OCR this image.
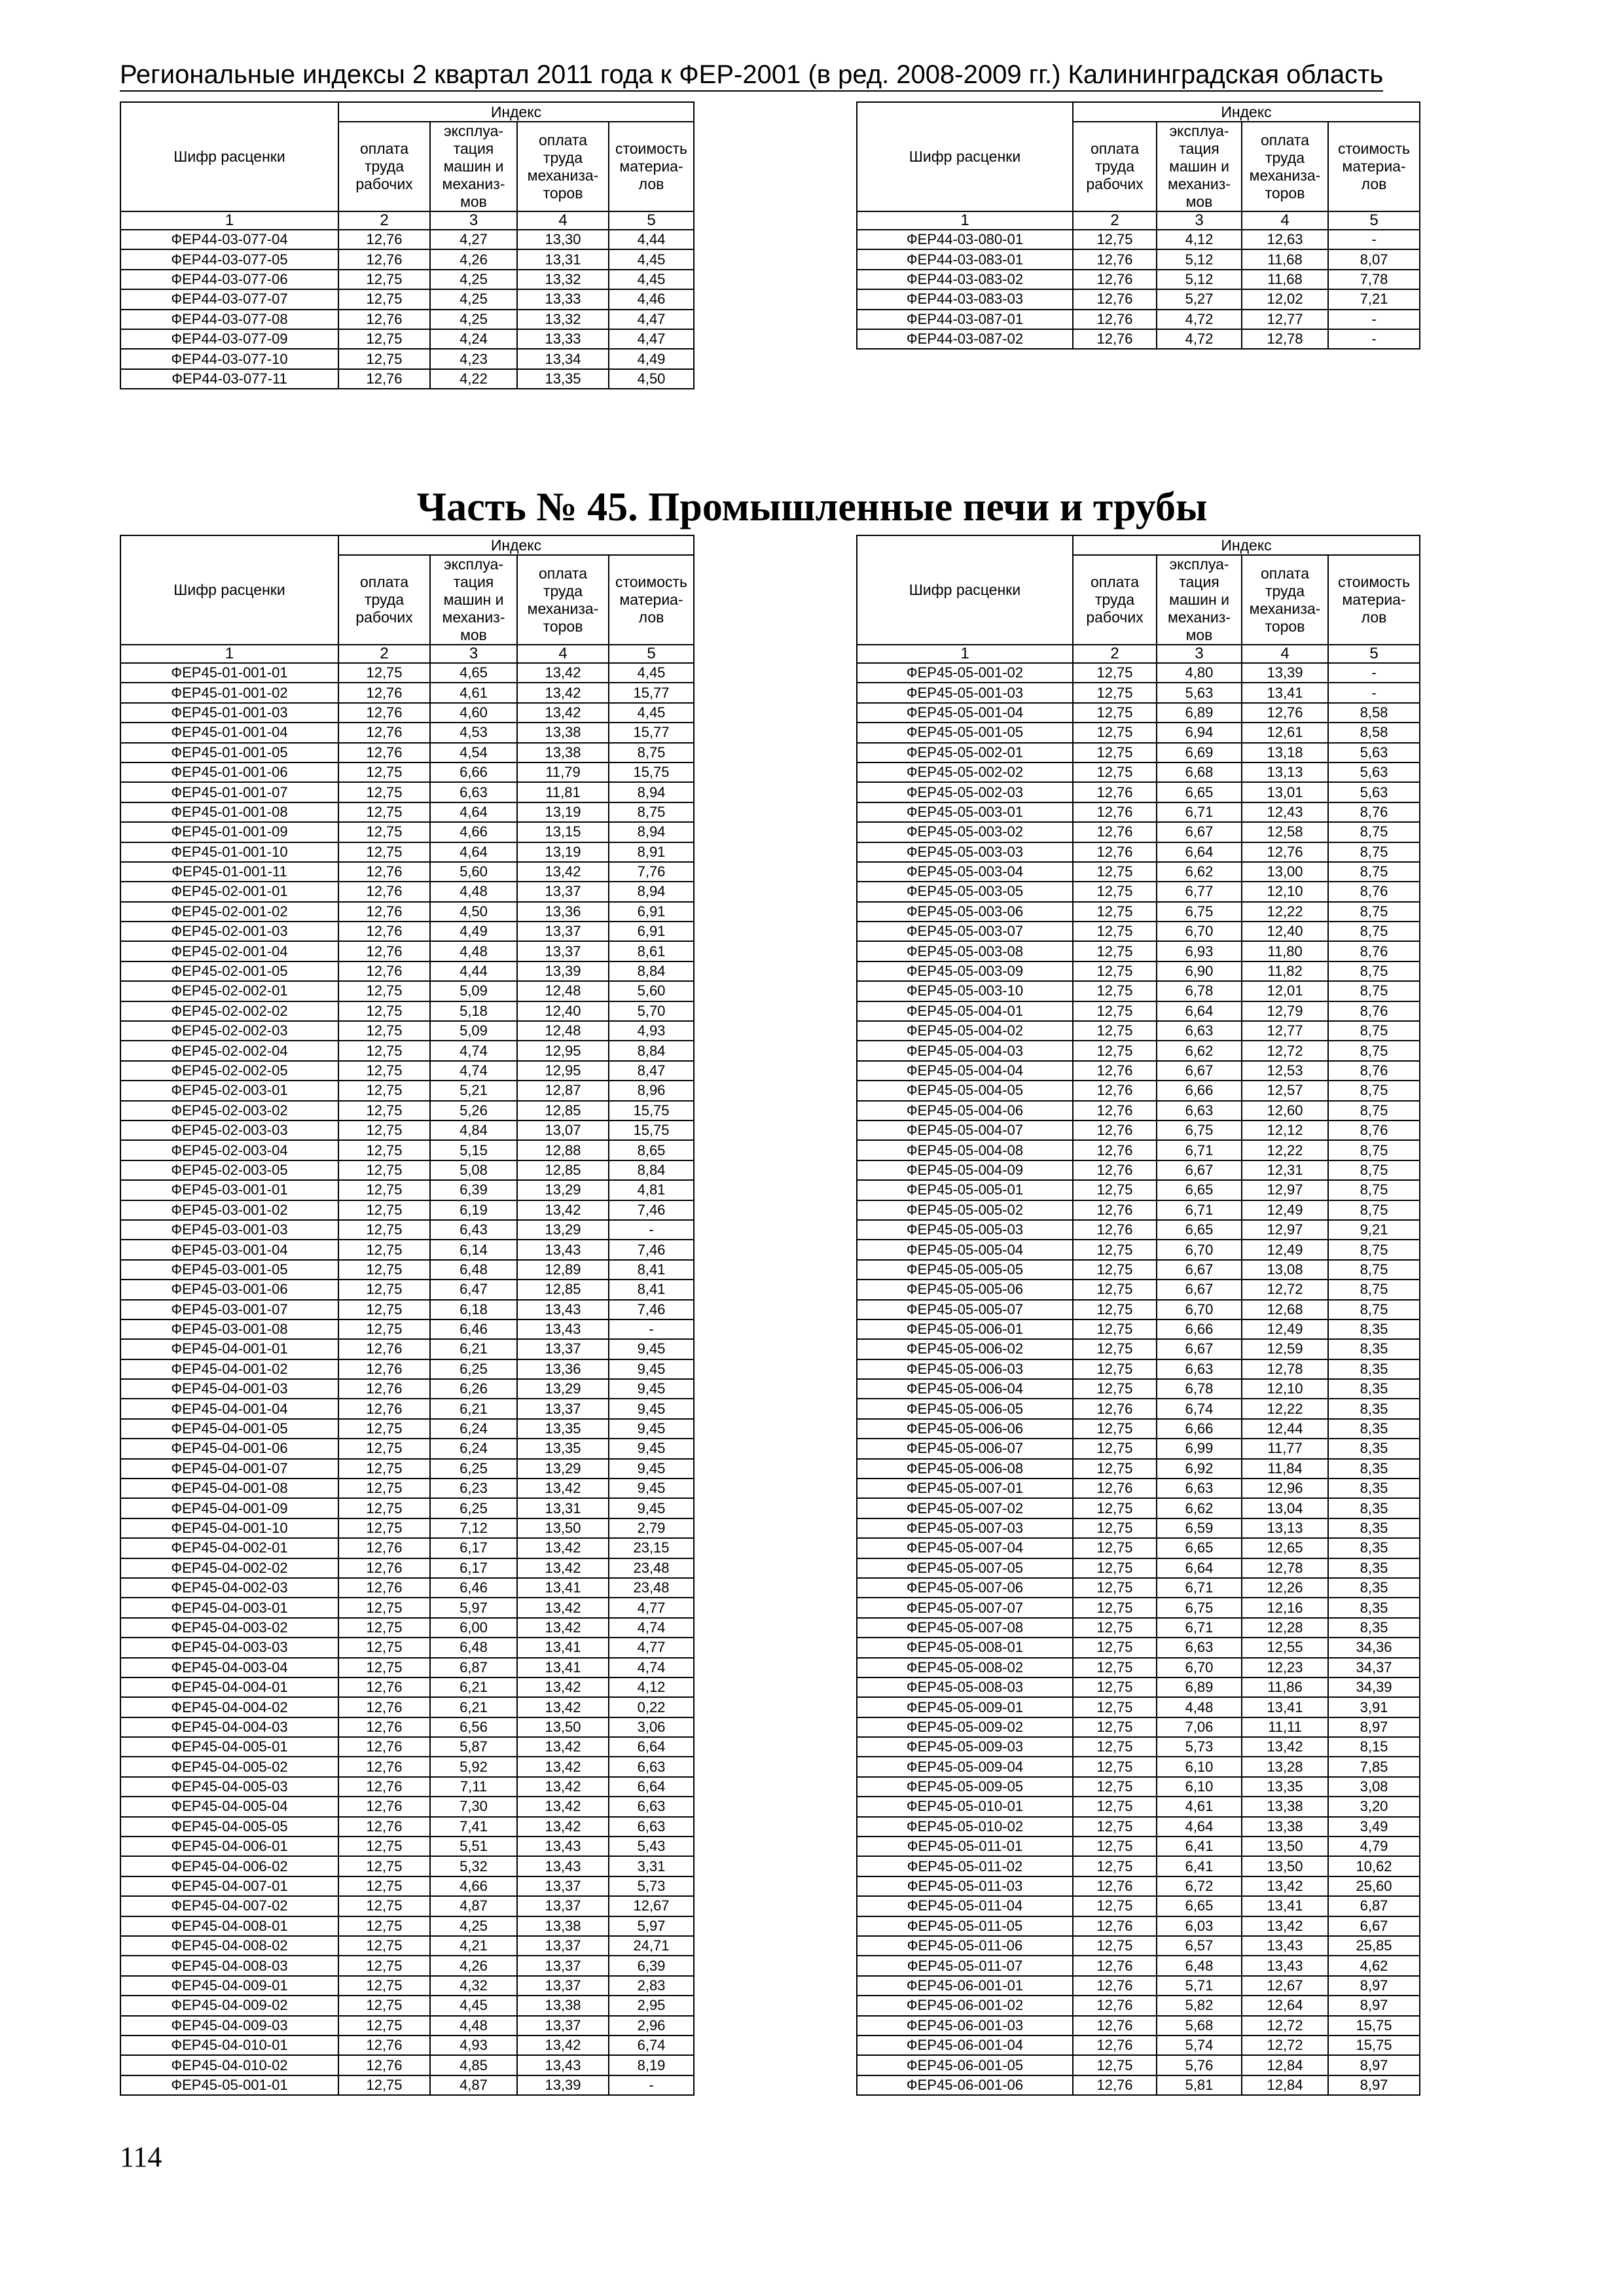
Региональные индексы 2 квартал 2011 года к ФЕР-2001 (в ред. 2008-2009 гг.) Калининградская область
Часть № 45. Промышленные печи и трубы
114
Шифр расценки	Индекс			
	оплата труда рабочих	эксплуа-тация машин и механиз-мов	оплата труда механиза-торов	стоимость материа-лов
1	2	3	4	5
ФЕР44-03-077-04	12,76	4,27	13,30	4,44
ФЕР44-03-077-05	12,76	4,26	13,31	4,45
ФЕР44-03-077-06	12,75	4,25	13,32	4,45
ФЕР44-03-077-07	12,75	4,25	13,33	4,46
ФЕР44-03-077-08	12,76	4,25	13,32	4,47
ФЕР44-03-077-09	12,75	4,24	13,33	4,47
ФЕР44-03-077-10	12,75	4,23	13,34	4,49
ФЕР44-03-077-11	12,76	4,22	13,35	4,50
Шифр расценки	Индекс			
	оплата труда рабочих	эксплуа-тация машин и механиз-мов	оплата труда механиза-торов	стоимость материа-лов
1	2	3	4	5
ФЕР44-03-080-01	12,75	4,12	12,63	-
ФЕР44-03-083-01	12,76	5,12	11,68	8,07
ФЕР44-03-083-02	12,76	5,12	11,68	7,78
ФЕР44-03-083-03	12,76	5,27	12,02	7,21
ФЕР44-03-087-01	12,76	4,72	12,77	-
ФЕР44-03-087-02	12,76	4,72	12,78	-
Шифр расценки	Индекс			
	оплата труда рабочих	эксплуа-тация машин и механиз-мов	оплата труда механиза-торов	стоимость материа-лов
1	2	3	4	5
ФЕР45-01-001-01	12,75	4,65	13,42	4,45
ФЕР45-01-001-02	12,76	4,61	13,42	15,77
ФЕР45-01-001-03	12,76	4,60	13,42	4,45
ФЕР45-01-001-04	12,76	4,53	13,38	15,77
ФЕР45-01-001-05	12,76	4,54	13,38	8,75
ФЕР45-01-001-06	12,75	6,66	11,79	15,75
ФЕР45-01-001-07	12,75	6,63	11,81	8,94
ФЕР45-01-001-08	12,75	4,64	13,19	8,75
ФЕР45-01-001-09	12,75	4,66	13,15	8,94
ФЕР45-01-001-10	12,75	4,64	13,19	8,91
ФЕР45-01-001-11	12,76	5,60	13,42	7,76
ФЕР45-02-001-01	12,76	4,48	13,37	8,94
ФЕР45-02-001-02	12,76	4,50	13,36	6,91
ФЕР45-02-001-03	12,76	4,49	13,37	6,91
ФЕР45-02-001-04	12,76	4,48	13,37	8,61
ФЕР45-02-001-05	12,76	4,44	13,39	8,84
ФЕР45-02-002-01	12,75	5,09	12,48	5,60
ФЕР45-02-002-02	12,75	5,18	12,40	5,70
ФЕР45-02-002-03	12,75	5,09	12,48	4,93
ФЕР45-02-002-04	12,75	4,74	12,95	8,84
ФЕР45-02-002-05	12,75	4,74	12,95	8,47
ФЕР45-02-003-01	12,75	5,21	12,87	8,96
ФЕР45-02-003-02	12,75	5,26	12,85	15,75
ФЕР45-02-003-03	12,75	4,84	13,07	15,75
ФЕР45-02-003-04	12,75	5,15	12,88	8,65
ФЕР45-02-003-05	12,75	5,08	12,85	8,84
ФЕР45-03-001-01	12,75	6,39	13,29	4,81
ФЕР45-03-001-02	12,75	6,19	13,42	7,46
ФЕР45-03-001-03	12,75	6,43	13,29	-
ФЕР45-03-001-04	12,75	6,14	13,43	7,46
ФЕР45-03-001-05	12,75	6,48	12,89	8,41
ФЕР45-03-001-06	12,75	6,47	12,85	8,41
ФЕР45-03-001-07	12,75	6,18	13,43	7,46
ФЕР45-03-001-08	12,75	6,46	13,43	-
ФЕР45-04-001-01	12,76	6,21	13,37	9,45
ФЕР45-04-001-02	12,76	6,25	13,36	9,45
ФЕР45-04-001-03	12,76	6,26	13,29	9,45
ФЕР45-04-001-04	12,76	6,21	13,37	9,45
ФЕР45-04-001-05	12,75	6,24	13,35	9,45
ФЕР45-04-001-06	12,75	6,24	13,35	9,45
ФЕР45-04-001-07	12,75	6,25	13,29	9,45
ФЕР45-04-001-08	12,75	6,23	13,42	9,45
ФЕР45-04-001-09	12,75	6,25	13,31	9,45
ФЕР45-04-001-10	12,75	7,12	13,50	2,79
ФЕР45-04-002-01	12,76	6,17	13,42	23,15
ФЕР45-04-002-02	12,76	6,17	13,42	23,48
ФЕР45-04-002-03	12,76	6,46	13,41	23,48
ФЕР45-04-003-01	12,75	5,97	13,42	4,77
ФЕР45-04-003-02	12,75	6,00	13,42	4,74
ФЕР45-04-003-03	12,75	6,48	13,41	4,77
ФЕР45-04-003-04	12,75	6,87	13,41	4,74
ФЕР45-04-004-01	12,76	6,21	13,42	4,12
ФЕР45-04-004-02	12,76	6,21	13,42	0,22
ФЕР45-04-004-03	12,76	6,56	13,50	3,06
ФЕР45-04-005-01	12,76	5,87	13,42	6,64
ФЕР45-04-005-02	12,76	5,92	13,42	6,63
ФЕР45-04-005-03	12,76	7,11	13,42	6,64
ФЕР45-04-005-04	12,76	7,30	13,42	6,63
ФЕР45-04-005-05	12,76	7,41	13,42	6,63
ФЕР45-04-006-01	12,75	5,51	13,43	5,43
ФЕР45-04-006-02	12,75	5,32	13,43	3,31
ФЕР45-04-007-01	12,75	4,66	13,37	5,73
ФЕР45-04-007-02	12,75	4,87	13,37	12,67
ФЕР45-04-008-01	12,75	4,25	13,38	5,97
ФЕР45-04-008-02	12,75	4,21	13,37	24,71
ФЕР45-04-008-03	12,75	4,26	13,37	6,39
ФЕР45-04-009-01	12,75	4,32	13,37	2,83
ФЕР45-04-009-02	12,75	4,45	13,38	2,95
ФЕР45-04-009-03	12,75	4,48	13,37	2,96
ФЕР45-04-010-01	12,76	4,93	13,42	6,74
ФЕР45-04-010-02	12,76	4,85	13,43	8,19
ФЕР45-05-001-01	12,75	4,87	13,39	-
Шифр расценки	Индекс			
	оплата труда рабочих	эксплуа-тация машин и механиз-мов	оплата труда механиза-торов	стоимость материа-лов
1	2	3	4	5
ФЕР45-05-001-02	12,75	4,80	13,39	-
ФЕР45-05-001-03	12,75	5,63	13,41	-
ФЕР45-05-001-04	12,75	6,89	12,76	8,58
ФЕР45-05-001-05	12,75	6,94	12,61	8,58
ФЕР45-05-002-01	12,75	6,69	13,18	5,63
ФЕР45-05-002-02	12,75	6,68	13,13	5,63
ФЕР45-05-002-03	12,76	6,65	13,01	5,63
ФЕР45-05-003-01	12,76	6,71	12,43	8,76
ФЕР45-05-003-02	12,76	6,67	12,58	8,75
ФЕР45-05-003-03	12,76	6,64	12,76	8,75
ФЕР45-05-003-04	12,75	6,62	13,00	8,75
ФЕР45-05-003-05	12,75	6,77	12,10	8,76
ФЕР45-05-003-06	12,75	6,75	12,22	8,75
ФЕР45-05-003-07	12,75	6,70	12,40	8,75
ФЕР45-05-003-08	12,75	6,93	11,80	8,76
ФЕР45-05-003-09	12,75	6,90	11,82	8,75
ФЕР45-05-003-10	12,75	6,78	12,01	8,75
ФЕР45-05-004-01	12,75	6,64	12,79	8,76
ФЕР45-05-004-02	12,75	6,63	12,77	8,75
ФЕР45-05-004-03	12,75	6,62	12,72	8,75
ФЕР45-05-004-04	12,76	6,67	12,53	8,76
ФЕР45-05-004-05	12,76	6,66	12,57	8,75
ФЕР45-05-004-06	12,76	6,63	12,60	8,75
ФЕР45-05-004-07	12,76	6,75	12,12	8,76
ФЕР45-05-004-08	12,76	6,71	12,22	8,75
ФЕР45-05-004-09	12,76	6,67	12,31	8,75
ФЕР45-05-005-01	12,75	6,65	12,97	8,75
ФЕР45-05-005-02	12,76	6,71	12,49	8,75
ФЕР45-05-005-03	12,76	6,65	12,97	9,21
ФЕР45-05-005-04	12,75	6,70	12,49	8,75
ФЕР45-05-005-05	12,75	6,67	13,08	8,75
ФЕР45-05-005-06	12,75	6,67	12,72	8,75
ФЕР45-05-005-07	12,75	6,70	12,68	8,75
ФЕР45-05-006-01	12,75	6,66	12,49	8,35
ФЕР45-05-006-02	12,75	6,67	12,59	8,35
ФЕР45-05-006-03	12,75	6,63	12,78	8,35
ФЕР45-05-006-04	12,75	6,78	12,10	8,35
ФЕР45-05-006-05	12,76	6,74	12,22	8,35
ФЕР45-05-006-06	12,75	6,66	12,44	8,35
ФЕР45-05-006-07	12,75	6,99	11,77	8,35
ФЕР45-05-006-08	12,75	6,92	11,84	8,35
ФЕР45-05-007-01	12,76	6,63	12,96	8,35
ФЕР45-05-007-02	12,75	6,62	13,04	8,35
ФЕР45-05-007-03	12,75	6,59	13,13	8,35
ФЕР45-05-007-04	12,75	6,65	12,65	8,35
ФЕР45-05-007-05	12,75	6,64	12,78	8,35
ФЕР45-05-007-06	12,75	6,71	12,26	8,35
ФЕР45-05-007-07	12,75	6,75	12,16	8,35
ФЕР45-05-007-08	12,75	6,71	12,28	8,35
ФЕР45-05-008-01	12,75	6,63	12,55	34,36
ФЕР45-05-008-02	12,75	6,70	12,23	34,37
ФЕР45-05-008-03	12,75	6,89	11,86	34,39
ФЕР45-05-009-01	12,75	4,48	13,41	3,91
ФЕР45-05-009-02	12,75	7,06	11,11	8,97
ФЕР45-05-009-03	12,75	5,73	13,42	8,15
ФЕР45-05-009-04	12,75	6,10	13,28	7,85
ФЕР45-05-009-05	12,75	6,10	13,35	3,08
ФЕР45-05-010-01	12,75	4,61	13,38	3,20
ФЕР45-05-010-02	12,75	4,64	13,38	3,49
ФЕР45-05-011-01	12,75	6,41	13,50	4,79
ФЕР45-05-011-02	12,75	6,41	13,50	10,62
ФЕР45-05-011-03	12,76	6,72	13,42	25,60
ФЕР45-05-011-04	12,75	6,65	13,41	6,87
ФЕР45-05-011-05	12,76	6,03	13,42	6,67
ФЕР45-05-011-06	12,75	6,57	13,43	25,85
ФЕР45-05-011-07	12,76	6,48	13,43	4,62
ФЕР45-06-001-01	12,76	5,71	12,67	8,97
ФЕР45-06-001-02	12,76	5,82	12,64	8,97
ФЕР45-06-001-03	12,76	5,68	12,72	15,75
ФЕР45-06-001-04	12,76	5,74	12,72	15,75
ФЕР45-06-001-05	12,75	5,76	12,84	8,97
ФЕР45-06-001-06	12,76	5,81	12,84	8,97
